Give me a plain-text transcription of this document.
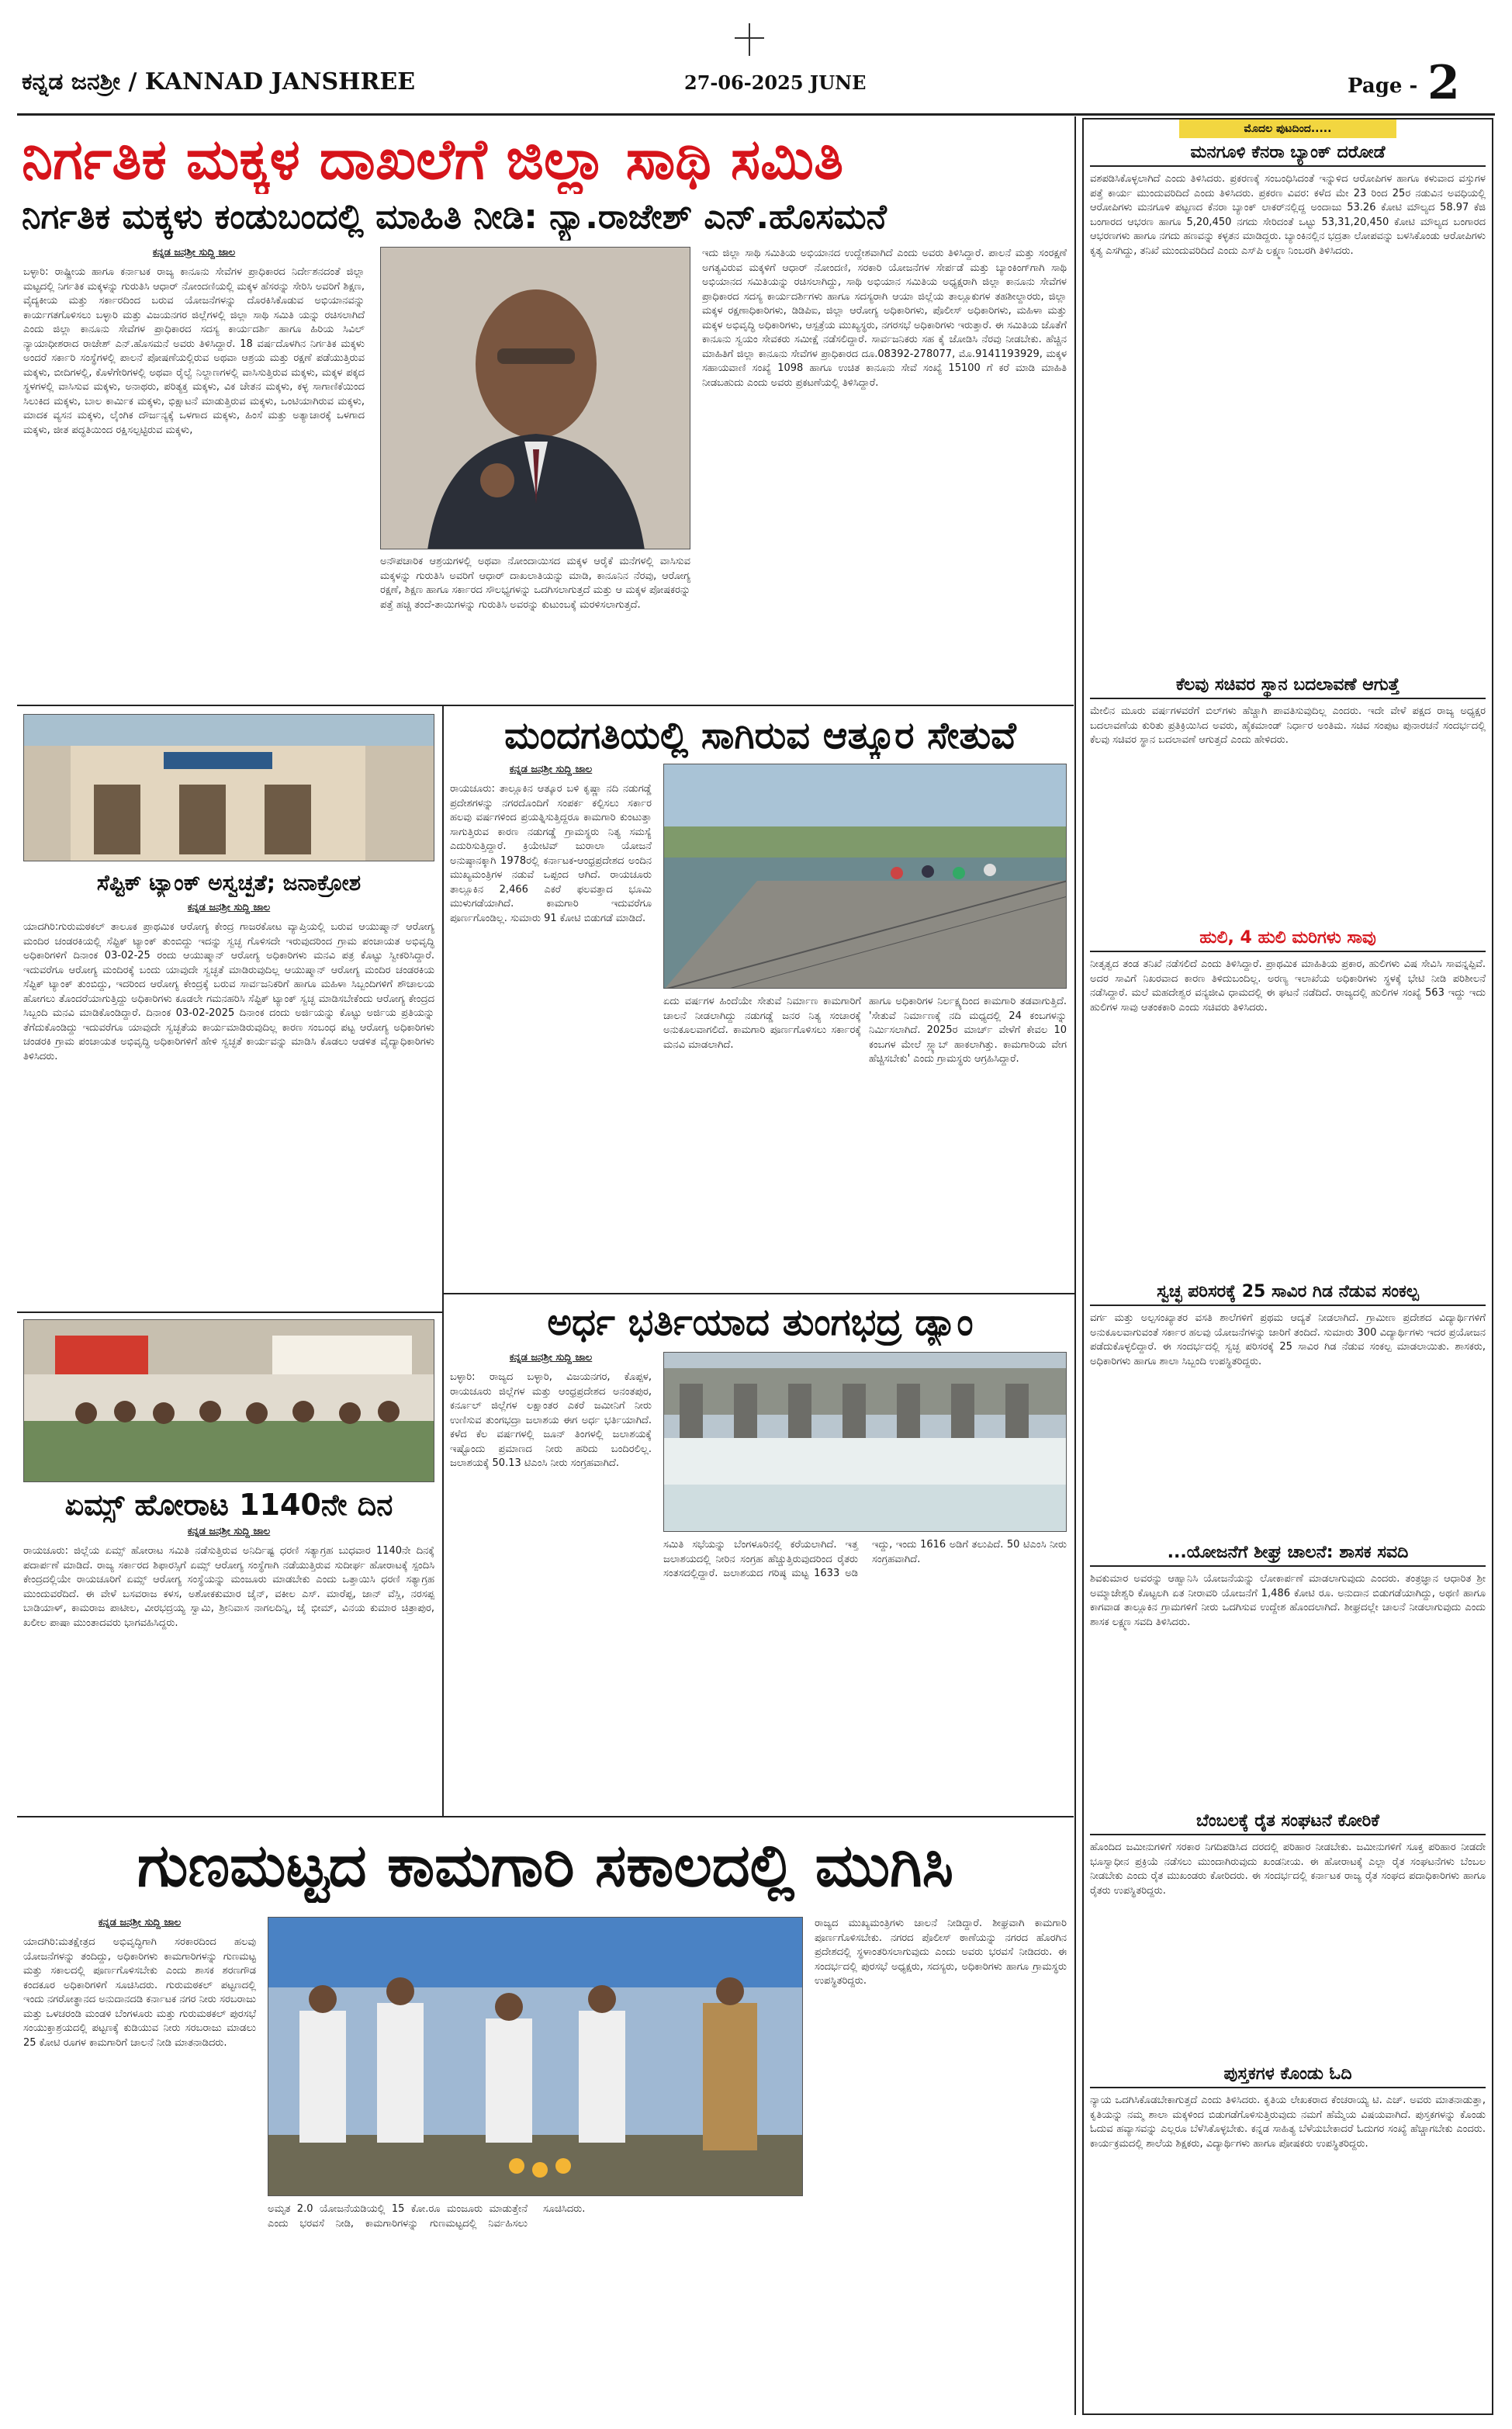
ಕನ್ನಡ ಜನಶ್ರೀ / KANNAD JANSHREE	27-06-2025 JUNE	Page - 2
ನಿರ್ಗತಿಕ ಮಕ್ಕಳ ದಾಖಲೆಗೆ ಜಿಲ್ಲಾ ಸಾಥಿ ಸಮಿತಿ
ನಿರ್ಗತಿಕ ಮಕ್ಕಳು ಕಂಡುಬಂದಲ್ಲಿ ಮಾಹಿತಿ ನೀಡಿ: ನ್ಯಾ.ರಾಜೇಶ್ ಎನ್.ಹೊಸಮನೆ
ಕನ್ನಡ ಜನಶ್ರೀ ಸುದ್ದಿ ಜಾಲ
ಬಳ್ಳಾರಿ: ರಾಷ್ಟ್ರೀಯ ಹಾಗೂ ಕರ್ನಾಟಕ ರಾಜ್ಯ ಕಾನೂನು ಸೇವೆಗಳ ಪ್ರಾಧಿಕಾರದ ನಿರ್ದೇಶನದಂತೆ ಜಿಲ್ಲಾ ಮಟ್ಟದಲ್ಲಿ ನಿರ್ಗತಿಕ ಮಕ್ಕಳನ್ನು ಗುರುತಿಸಿ ಆಧಾರ್ ನೋಂದಣಿಯಲ್ಲಿ ಮಕ್ಕಳ ಹೆಸರನ್ನು ಸೇರಿಸಿ ಅವರಿಗೆ ಶಿಕ್ಷಣ, ವೈದ್ಯಕೀಯ ಮತ್ತು ಸರ್ಕಾರದಿಂದ ಬರುವ ಯೋಜನೆಗಳನ್ನು ದೊರಕಿಸಿಕೊಡುವ ಅಭಿಯಾನವನ್ನು ಕಾರ್ಯಗತಗೊಳಿಸಲು ಬಳ್ಳಾರಿ ಮತ್ತು ವಿಜಯನಗರ ಜಿಲ್ಲೆಗಳಲ್ಲಿ ಜಿಲ್ಲಾ ಸಾಥಿ ಸಮಿತಿ ಯನ್ನು ರಚಿಸಲಾಗಿದೆ ಎಂದು ಜಿಲ್ಲಾ ಕಾನೂನು ಸೇವೆಗಳ ಪ್ರಾಧಿಕಾರದ ಸದಸ್ಯ ಕಾರ್ಯದರ್ಶಿ ಹಾಗೂ ಹಿರಿಯ ಸಿವಿಲ್ ನ್ಯಾಯಾಧೀಶರಾದ ರಾಜೇಶ್ ಎನ್.ಹೊಸಮನೆ ಅವರು ತಿಳಿಸಿದ್ದಾರೆ. 18 ವರ್ಷದೊಳಗಿನ ನಿರ್ಗತಿಕ ಮಕ್ಕಳು ಅಂದರೆ ಸರ್ಕಾರಿ ಸಂಸ್ಥೆಗಳಲ್ಲಿ ಪಾಲನೆ ಪೋಷಣೆಯಲ್ಲಿರುವ ಅಥವಾ ಆಶ್ರಯ ಮತ್ತು ರಕ್ಷಣೆ ಪಡೆಯುತ್ತಿರುವ ಮಕ್ಕಳು, ಬೀದಿಗಳಲ್ಲಿ, ಕೊಳೆಗೇರಿಗಳಲ್ಲಿ ಅಥವಾ ರೈಲ್ವೆ ನಿಲ್ದಾಣಗಳಲ್ಲಿ ವಾಸಿಸುತ್ತಿರುವ ಮಕ್ಕಳು, ಮಕ್ಕಳ ಪಕ್ಕದ ಸ್ಥಳಗಳಲ್ಲಿ ವಾಸಿಸುವ ಮಕ್ಕಳು, ಅನಾಥರು, ಪರಿತ್ಯಕ್ತ ಮಕ್ಕಳು, ವಿಕ ಚೇತನ ಮಕ್ಕಳು, ಕಳ್ಳ ಸಾಗಾಣಿಕೆಯಿಂದ ಸಿಲುಕಿದ ಮಕ್ಕಳು, ಬಾಲ ಕಾರ್ಮಿಕ ಮಕ್ಕಳು, ಭಿಕ್ಷಾಟನೆ ಮಾಡುತ್ತಿರುವ ಮಕ್ಕಳು, ಒಂಟಿಯಾಗಿರುವ ಮಕ್ಕಳು, ಮಾದಕ ವ್ಯಸನ ಮಕ್ಕಳು, ಲೈಂಗಿಕ ದೌರ್ಜನ್ಯಕ್ಕೆ ಒಳಗಾದ ಮಕ್ಕಳು, ಹಿಂಸೆ ಮತ್ತು ಅತ್ಯಾಚಾರಕ್ಕೆ ಒಳಗಾದ ಮಕ್ಕಳು, ಜೀತ ಪದ್ಧತಿಯಿಂದ ರಕ್ಷಿಸಲ್ಪಟ್ಟಿರುವ ಮಕ್ಕಳು,
ಅನೌಪಚಾರಿಕ ಆಶ್ರಯಗಳಲ್ಲಿ ಅಥವಾ ನೋಂದಾಯಿಸದ ಮಕ್ಕಳ ಆರೈಕೆ ಮನೆಗಳಲ್ಲಿ ವಾಸಿಸುವ ಮಕ್ಕಳನ್ನು ಗುರುತಿಸಿ ಅವರಿಗೆ ಆಧಾರ್ ದಾಖಲಾತಿಯನ್ನು ಮಾಡಿ, ಕಾನೂನಿನ ನೆರವು, ಆರೋಗ್ಯ ರಕ್ಷಣೆ, ಶಿಕ್ಷಣ ಹಾಗೂ ಸರ್ಕಾರದ ಸೌಲಭ್ಯಗಳನ್ನು ಒದಗಿಸಲಾಗುತ್ತದೆ ಮತ್ತು ಆ ಮಕ್ಕಳ ಪೋಷಕರನ್ನು ಪತ್ತೆ ಹಚ್ಚಿ ತಂದೆ-ತಾಯಿಗಳನ್ನು ಗುರುತಿಸಿ ಅವರನ್ನು ಕುಟುಂಬಕ್ಕೆ ಮರಳಿಸಲಾಗುತ್ತದೆ.
ಇದು ಜಿಲ್ಲಾ ಸಾಥಿ ಸಮಿತಿಯ ಅಭಿಯಾನದ ಉದ್ದೇಶವಾಗಿದೆ ಎಂದು ಅವರು ತಿಳಿಸಿದ್ದಾರೆ. ಪಾಲನೆ ಮತ್ತು ಸಂರಕ್ಷಣೆ ಅಗತ್ಯವಿರುವ ಮಕ್ಕಳಿಗೆ ಆಧಾರ್ ನೋಂದಣಿ, ಸರಕಾರಿ ಯೋಜನೆಗಳ ಸೇರ್ಪಡೆ ಮತ್ತು ಬ್ಯಾಂಕಿಂಗ್‌ಗಾಗಿ ಸಾಥಿ ಅಭಿಯಾನದ ಸಮಿತಿಯನ್ನು ರಚಿಸಲಾಗಿದ್ದು, ಸಾಥಿ ಅಭಿಯಾನ ಸಮಿತಿಯ ಅಧ್ಯಕ್ಷರಾಗಿ ಜಿಲ್ಲಾ ಕಾನೂನು ಸೇವೆಗಳ ಪ್ರಾಧಿಕಾರದ ಸದಸ್ಯ ಕಾರ್ಯದರ್ಶಿಗಳು ಹಾಗೂ ಸದಸ್ಯರಾಗಿ ಆಯಾ ಜಿಲ್ಲೆಯ ತಾಲ್ಲೂಕುಗಳ ತಹಶೀಲ್ದಾರರು, ಜಿಲ್ಲಾ ಮಕ್ಕಳ ರಕ್ಷಣಾಧಿಕಾರಿಗಳು, ಡಿಡಿಪಿಐ, ಜಿಲ್ಲಾ ಆರೋಗ್ಯ ಅಧಿಕಾರಿಗಳು, ಪೊಲೀಸ್ ಅಧಿಕಾರಿಗಳು, ಮಹಿಳಾ ಮತ್ತು ಮಕ್ಕಳ ಅಭಿವೃದ್ಧಿ ಅಧಿಕಾರಿಗಳು, ಆಸ್ಪತ್ರೆಯ ಮುಖ್ಯಸ್ಥರು, ನಗರಸಭೆ ಅಧಿಕಾರಿಗಳು ಇರುತ್ತಾರೆ. ಈ ಸಮಿತಿಯ ಜೊತೆಗೆ ಕಾನೂನು ಸ್ವಯಂ ಸೇವಕರು ಸಮೀಕ್ಷೆ ನಡೆಸಲಿದ್ದಾರೆ. ಸಾರ್ವಜನಿಕರು ಸಹ ಕೈ ಜೋಡಿಸಿ ನೆರವು ನೀಡಬೇಕು. ಹೆಚ್ಚಿನ ಮಾಹಿತಿಗೆ ಜಿಲ್ಲಾ ಕಾನೂನು ಸೇವೆಗಳ ಪ್ರಾಧಿಕಾರದ ದೂ.08392-278077, ಮೊ.9141193929, ಮಕ್ಕಳ ಸಹಾಯವಾಣಿ ಸಂಖ್ಯೆ 1098 ಹಾಗೂ ಉಚಿತ ಕಾನೂನು ಸೇವೆ ಸಂಖ್ಯೆ 15100 ಗೆ ಕರೆ ಮಾಡಿ ಮಾಹಿತಿ ನೀಡಬಹುದು ಎಂದು ಅವರು ಪ್ರಕಟಣೆಯಲ್ಲಿ ತಿಳಿಸಿದ್ದಾರೆ.
ಸೆಪ್ಟಿಕ್ ಟ್ಯಾಂಕ್ ಅಸ್ವಚ್ಛತೆ; ಜನಾಕ್ರೋಶ
ಕನ್ನಡ ಜನಶ್ರೀ ಸುದ್ದಿ ಜಾಲ
ಯಾದಗಿರಿ:ಗುರುಮಠಕಲ್ ತಾಲೂಕ ಪ್ರಾಥಮಿಕ ಆರೋಗ್ಯ ಕೇಂದ್ರ ಗಾಜರಕೋಟ ವ್ಯಾಪ್ತಿಯಲ್ಲಿ ಬರುವ ಆಯುಷ್ಮಾನ್ ಆರೋಗ್ಯ ಮಂದಿರ ಚಂಡರಕಿಯಲ್ಲಿ ಸೆಪ್ಟಿಕ್ ಟ್ಯಾಂಕ್ ತುಂಬಿದ್ದು ಇದನ್ನು ಸ್ವಚ್ಛ ಗೊಳಿಸದೇ ಇರುವುದರಿಂದ ಗ್ರಾಮ ಪಂಚಾಯತ ಅಭಿವೃದ್ಧಿ ಅಧಿಕಾರಿಗಳಿಗೆ ದಿನಾಂಕ 03-02-25 ರಂದು ಆಯುಷ್ಮಾನ್ ಆರೋಗ್ಯ ಅಧಿಕಾರಿಗಳು ಮನವಿ ಪತ್ರ ಕೊಟ್ಟು ಸ್ವೀಕರಿಸಿದ್ದಾರೆ. ಇದುವರೆಗೂ ಆರೋಗ್ಯ ಮಂದಿರಕ್ಕೆ ಬಂದು ಯಾವುದೇ ಸ್ವಚ್ಛತೆ ಮಾಡಿರುವುದಿಲ್ಲ ಆಯುಷ್ಮಾನ್ ಆರೋಗ್ಯ ಮಂದಿರ ಚಂಡರಕಿಯ ಸೆಪ್ಟಿಕ್ ಟ್ಯಾಂಕ್ ತುಂಬಿದ್ದು, ಇದರಿಂದ ಆರೋಗ್ಯ ಕೇಂದ್ರಕ್ಕೆ ಬರುವ ಸಾರ್ವಜನಿಕರಿಗೆ ಹಾಗೂ ಮಹಿಳಾ ಸಿಬ್ಬಂದಿಗಳಿಗೆ ಶೌಚಾಲಯ ಹೋಗಲು ತೊಂದರೆಯಾಗುತ್ತಿದ್ದು ಅಧಿಕಾರಿಗಳು ಕೂಡಲೇ ಗಮನಹರಿಸಿ ಸೆಪ್ಟಿಕ್ ಟ್ಯಾಂಕ್ ಸ್ವಚ್ಛ ಮಾಡಿಸಬೇಕೆಂದು ಆರೋಗ್ಯ ಕೇಂದ್ರದ ಸಿಬ್ಬಂದಿ ಮನವಿ ಮಾಡಿಕೊಂಡಿದ್ದಾರೆ. ದಿನಾಂಕ 03-02-2025 ದಿನಾಂಕ ದಂದು ಅರ್ಜಿಯನ್ನು ಕೊಟ್ಟು ಅರ್ಜಿಯ ಪ್ರತಿಯನ್ನು ತೆಗೆದುಕೊಂಡಿದ್ದು ಇದುವರೆಗೂ ಯಾವುದೇ ಸ್ವಚ್ಛತೆಯ ಕಾರ್ಯಮಾಡಿರುವುದಿಲ್ಲ ಕಾರಣ ಸಂಬಂಧ ಪಟ್ಟ ಆರೋಗ್ಯ ಅಧಿಕಾರಿಗಳು ಚಂಡರಕಿ ಗ್ರಾಮ ಪಂಚಾಯತ ಅಭಿವೃದ್ಧಿ ಅಧಿಕಾರಿಗಳಿಗೆ ಹೇಳಿ ಸ್ವಚ್ಛತೆ ಕಾರ್ಯವನ್ನು ಮಾಡಿಸಿ ಕೊಡಲು ಆಡಳಿತ ವೈದ್ಯಾಧಿಕಾರಿಗಳು ತಿಳಿಸಿದರು.
ಏಮ್ಸ್ ಹೋರಾಟ 1140ನೇ ದಿನ
ಕನ್ನಡ ಜನಶ್ರೀ ಸುದ್ದಿ ಜಾಲ
ರಾಯಚೂರು: ಜಿಲ್ಲೆಯ ಏಮ್ಸ್ ಹೋರಾಟ ಸಮಿತಿ ನಡೆಸುತ್ತಿರುವ ಅನಿರ್ದಿಷ್ಟ ಧರಣಿ ಸತ್ಯಾಗ್ರಹ ಬುಧವಾರ 1140ನೇ ದಿನಕ್ಕೆ ಪದಾರ್ಪಣೆ ಮಾಡಿದೆ. ರಾಜ್ಯ ಸರ್ಕಾರದ ಶಿಫಾರಸ್ಸಿಗೆ ಏಮ್ಸ್ ಆರೋಗ್ಯ ಸಂಸ್ಥೆಗಾಗಿ ನಡೆಯುತ್ತಿರುವ ಸುದೀರ್ಘ ಹೋರಾಟಕ್ಕೆ ಸ್ಪಂದಿಸಿ ಕೇಂದ್ರದಲ್ಲಿಯೇ ರಾಯಚೂರಿಗೆ ಏಮ್ಸ್ ಆರೋಗ್ಯ ಸಂಸ್ಥೆಯನ್ನು ಮಂಜೂರು ಮಾಡಬೇಕು ಎಂದು ಒತ್ತಾಯಿಸಿ ಧರಣಿ ಸತ್ಯಾಗ್ರಹ ಮುಂದುವರೆದಿದೆ. ಈ ವೇಳೆ ಬಸವರಾಜ ಕಳಸ, ಅಶೋಕಕುಮಾರ ಜೈನ್, ವಕೀಲ ಎಸ್. ಮಾರೆಪ್ಪ, ಜಾನ್ ವೆಸ್ಲಿ, ನರಸಪ್ಪ ಬಾಡಿಯಾಳ್, ಕಾಮರಾಜ ಪಾಟೀಲ, ವೀರಭದ್ರಯ್ಯ ಸ್ವಾಮಿ, ಶ್ರೀನಿವಾಸ ನಾಗಲದಿನ್ನಿ, ಜೈ ಭೀಮ್, ವಿನಯ ಕುಮಾರ ಚಿತ್ರಾಪುರ, ಖಲೀಲ ಪಾಷಾ ಮುಂತಾದವರು ಭಾಗವಹಿಸಿದ್ದರು.
ಮಂದಗತಿಯಲ್ಲಿ ಸಾಗಿರುವ ಆತ್ಕೂರ ಸೇತುವೆ
ಕನ್ನಡ ಜನಶ್ರೀ ಸುದ್ದಿ ಜಾಲ
ರಾಯಚೂರು: ತಾಲ್ಲೂಕಿನ ಆತ್ಕೂರ ಬಳಿ ಕೃಷ್ಣಾ ನದಿ ನಡುಗಡ್ಡೆ ಪ್ರದೇಶಗಳನ್ನು ನಗರದೊಂದಿಗೆ ಸಂಪರ್ಕ ಕಲ್ಪಿಸಲು ಸರ್ಕಾರ ಹಲವು ವರ್ಷಗಳಿಂದ ಪ್ರಯತ್ನಿಸುತ್ತಿದ್ದರೂ ಕಾಮಗಾರಿ ಕುಂಟುತ್ತಾ ಸಾಗುತ್ತಿರುವ ಕಾರಣ ನಡುಗಡ್ಡೆ ಗ್ರಾಮಸ್ಥರು ನಿತ್ಯ ಸಮಸ್ಯೆ ಎದುರಿಸುತ್ತಿದ್ದಾರೆ. ಕ್ರಿಯೇಟಿವ್ ಜುರಾಲಾ ಯೋಜನೆ ಅನುಷ್ಠಾನಕ್ಕಾಗಿ 1978ರಲ್ಲಿ ಕರ್ನಾಟಕ-ಆಂಧ್ರಪ್ರದೇಶದ ಅಂದಿನ ಮುಖ್ಯಮಂತ್ರಿಗಳ ನಡುವೆ ಒಪ್ಪಂದ ಆಗಿದೆ. ರಾಯಚೂರು ತಾಲ್ಲೂಕಿನ 2,466 ಎಕರೆ ಫಲವತ್ತಾದ ಭೂಮಿ ಮುಳುಗಡೆಯಾಗಿದೆ. ಕಾಮಗಾರಿ ಇದುವರೆಗೂ ಪೂರ್ಣಗೊಂಡಿಲ್ಲ. ಸುಮಾರು 91 ಕೋಟಿ ಬಿಡುಗಡೆ ಮಾಡಿದೆ.
ಏದು ವರ್ಷಗಳ ಹಿಂದೆಯೇ ಸೇತುವೆ ನಿರ್ಮಾಣ ಕಾಮಗಾರಿಗೆ ಚಾಲನೆ ನೀಡಲಾಗಿದ್ದು ನಡುಗಡ್ಡೆ ಜನರ ನಿತ್ಯ ಸಂಚಾರಕ್ಕೆ ಅನುಕೂಲವಾಗಲಿದೆ. ಕಾಮಗಾರಿ ಪೂರ್ಣಗೊಳಿಸಲು ಸರ್ಕಾರಕ್ಕೆ ಮನವಿ ಮಾಡಲಾಗಿದೆ.
ಹಾಗೂ ಅಧಿಕಾರಿಗಳ ನಿರ್ಲಕ್ಷ್ಯದಿಂದ ಕಾಮಗಾರಿ ತಡವಾಗುತ್ತಿದೆ. 'ಸೇತುವೆ ನಿರ್ಮಾಣಕ್ಕೆ ನದಿ ಮಧ್ಯದಲ್ಲಿ 24 ಕಂಬಗಳನ್ನು ನಿರ್ಮಿಸಲಾಗಿದೆ. 2025ರ ಮಾರ್ಚ್ ವೇಳೆಗೆ ಕೇವಲ 10 ಕಂಬಗಳ ಮೇಲೆ ಸ್ಲ್ಯಾಬ್ ಹಾಕಲಾಗಿತ್ತು. ಕಾಮಗಾರಿಯ ವೇಗ ಹೆಚ್ಚಿಸಬೇಕು' ಎಂದು ಗ್ರಾಮಸ್ಥರು ಆಗ್ರಹಿಸಿದ್ದಾರೆ.
ಅರ್ಧ ಭರ್ತಿಯಾದ ತುಂಗಭದ್ರ ಡ್ಯಾಂ
ಕನ್ನಡ ಜನಶ್ರೀ ಸುದ್ದಿ ಜಾಲ
ಬಳ್ಳಾರಿ: ರಾಜ್ಯದ ಬಳ್ಳಾರಿ, ವಿಜಯನಗರ, ಕೊಪ್ಪಳ, ರಾಯಚೂರು ಜಿಲ್ಲೆಗಳ ಮತ್ತು ಆಂಧ್ರಪ್ರದೇಶದ ಅನಂತಪುರ, ಕರ್ನೂಲ್ ಜಿಲ್ಲೆಗಳ ಲಕ್ಷಾಂತರ ಎಕರೆ ಜಮೀನಿಗೆ ನೀರು ಉಣಿಸುವ ತುಂಗಭದ್ರಾ ಜಲಾಶಯ ಈಗ ಅರ್ಧ ಭರ್ತಿಯಾಗಿದೆ. ಕಳೆದ ಕೆಲ ವರ್ಷಗಳಲ್ಲಿ ಜೂನ್ ತಿಂಗಳಲ್ಲಿ ಜಲಾಶಯಕ್ಕೆ ಇಷ್ಟೊಂದು ಪ್ರಮಾಣದ ನೀರು ಹರಿದು ಬಂದಿರಲಿಲ್ಲ. ಜಲಾಶಯಕ್ಕೆ 50.13 ಟಿಎಂಸಿ ನೀರು ಸಂಗ್ರಹವಾಗಿದೆ.
ಸಮಿತಿ ಸಭೆಯನ್ನು ಬೆಂಗಳೂರಿನಲ್ಲಿ ಕರೆಯಲಾಗಿದೆ. ಇತ್ತ ಜಲಾಶಯದಲ್ಲಿ ನೀರಿನ ಸಂಗ್ರಹ ಹೆಚ್ಚುತ್ತಿರುವುದರಿಂದ ರೈತರು ಸಂತಸದಲ್ಲಿದ್ದಾರೆ. ಜಲಾಶಯದ ಗರಿಷ್ಠ ಮಟ್ಟ 1633 ಅಡಿ ಇದ್ದು, ಇಂದು 1616 ಅಡಿಗೆ ತಲುಪಿದೆ. 50 ಟಿಎಂಸಿ ನೀರು ಸಂಗ್ರಹವಾಗಿದೆ.
ಗುಣಮಟ್ಟದ ಕಾಮಗಾರಿ ಸಕಾಲದಲ್ಲಿ ಮುಗಿಸಿ
ಕನ್ನಡ ಜನಶ್ರೀ ಸುದ್ದಿ ಜಾಲ
ಯಾದಗಿರಿ:ಮತಕ್ಷೇತ್ರದ ಅಭಿವೃದ್ಧಿಗಾಗಿ ಸರಕಾರದಿಂದ ಹಲವು ಯೋಜನೆಗಳನ್ನು ತಂದಿದ್ದು, ಅಧಿಕಾರಿಗಳು ಕಾಮಗಾರಿಗಳನ್ನು ಗುಣಮಟ್ಟ ಮತ್ತು ಸಕಾಲದಲ್ಲಿ ಪೂರ್ಣಗೊಳಿಸಬೇಕು ಎಂದು ಶಾಸಕ ಶರಣಗೌಡ ಕಂದಕೂರ ಅಧಿಕಾರಿಗಳಿಗೆ ಸೂಚಿಸಿದರು. ಗುರುಮಠಕಲ್ ಪಟ್ಟಣದಲ್ಲಿ ಇಂದು ನಗರೋತ್ಥಾನದ ಅನುದಾನದಡಿ ಕರ್ನಾಟಕ ನಗರ ನೀರು ಸರಬರಾಜು ಮತ್ತು ಒಳಚರಂಡಿ ಮಂಡಳಿ ಬೆಂಗಳೂರು ಮತ್ತು ಗುರುಮಠಕಲ್ ಪುರಸಭೆ ಸಂಯುಕ್ತಾಶ್ರಯದಲ್ಲಿ ಪಟ್ಟಣಕ್ಕೆ ಕುಡಿಯುವ ನೀರು ಸರಬರಾಜು ಮಾಡಲು 25 ಕೋಟಿ ರೂಗಳ ಕಾಮಗಾರಿಗೆ ಚಾಲನೆ ನೀಡಿ ಮಾತನಾಡಿದರು.
ಅಮೃತ 2.0 ಯೋಜನೆಯಡಿಯಲ್ಲಿ 15 ಕೋ.ರೂ ಮಂಜೂರು ಮಾಡುತ್ತೇನೆ ಎಂದು ಭರವಸೆ ನೀಡಿ, ಕಾಮಗಾರಿಗಳನ್ನು ಗುಣಮಟ್ಟದಲ್ಲಿ ನಿರ್ವಹಿಸಲು ಸೂಚಿಸಿದರು.
ರಾಜ್ಯದ ಮುಖ್ಯಮಂತ್ರಿಗಳು ಚಾಲನೆ ನೀಡಿದ್ದಾರೆ. ಶೀಘ್ರವಾಗಿ ಕಾಮಗಾರಿ ಪೂರ್ಣಗೊಳಿಸಬೇಕು. ನಗರದ ಪೊಲೀಸ್ ಠಾಣೆಯನ್ನು ನಗರದ ಹೊರಗಿನ ಪ್ರದೇಶದಲ್ಲಿ ಸ್ಥಳಾಂತರಿಸಲಾಗುವುದು ಎಂದು ಅವರು ಭರವಸೆ ನೀಡಿದರು. ಈ ಸಂದರ್ಭದಲ್ಲಿ ಪುರಸಭೆ ಅಧ್ಯಕ್ಷರು, ಸದಸ್ಯರು, ಅಧಿಕಾರಿಗಳು ಹಾಗೂ ಗ್ರಾಮಸ್ಥರು ಉಪಸ್ಥಿತರಿದ್ದರು.
ಮೊದಲ ಪುಟದಿಂದ.....
ಮನಗೂಳಿ ಕೆನರಾ ಬ್ಯಾಂಕ್ ದರೋಡೆ
ವಶಪಡಿಸಿಕೊಳ್ಳಲಾಗಿದೆ ಎಂದು ತಿಳಿಸಿದರು. ಪ್ರಕರಣಕ್ಕೆ ಸಂಬಂಧಿಸಿದಂತೆ ಇನ್ನುಳಿದ ಆರೋಪಿಗಳ ಹಾಗೂ ಕಳುವಾದ ವಸ್ತುಗಳ ಪತ್ತೆ ಕಾರ್ಯ ಮುಂದುವರಿದಿದೆ ಎಂದು ತಿಳಿಸಿದರು. ಪ್ರಕರಣ ವಿವರ: ಕಳೆದ ಮೇ 23 ರಿಂದ 25ರ ನಡುವಿನ ಅವಧಿಯಲ್ಲಿ ಆರೋಪಿಗಳು ಮನಗೂಳಿ ಪಟ್ಟಣದ ಕೆನರಾ ಬ್ಯಾಂಕ್ ಲಾಕರ್‌ನಲ್ಲಿದ್ದ ಅಂದಾಜು 53.26 ಕೋಟಿ ಮೌಲ್ಯದ 58.97 ಕೆಜಿ ಬಂಗಾರದ ಆಭರಣ ಹಾಗೂ 5,20,450 ನಗದು ಸೇರಿದಂತೆ ಒಟ್ಟು 53,31,20,450 ಕೋಟಿ ಮೌಲ್ಯದ ಬಂಗಾರದ ಆಭರಣಗಳು ಹಾಗೂ ನಗದು ಹಣವನ್ನು ಕಳ್ಳತನ ಮಾಡಿದ್ದರು. ಬ್ಯಾಂಕಿನಲ್ಲಿನ ಭದ್ರತಾ ಲೋಪವನ್ನು ಬಳಸಿಕೊಂಡು ಆರೋಪಿಗಳು ಕೃತ್ಯ ಎಸಗಿದ್ದು, ತನಿಖೆ ಮುಂದುವರಿದಿದೆ ಎಂದು ಎಸ್‌ಪಿ ಲಕ್ಷ್ಮಣ ನಿಂಬರಗಿ ತಿಳಿಸಿದರು.
ಕೆಲವು ಸಚಿವರ ಸ್ಥಾನ ಬದಲಾವಣೆ ಆಗುತ್ತೆ
ಮೇಲಿನ ಮೂರು ವರ್ಷಗಳವರೆಗೆ ಬಿಲ್‌ಗಳು ಹೆಚ್ಚಾಗಿ ಪಾವತಿಸುವುದಿಲ್ಲ ಎಂದರು. ಇದೇ ವೇಳೆ ಪಕ್ಷದ ರಾಜ್ಯ ಅಧ್ಯಕ್ಷರ ಬದಲಾವಣೆಯ ಕುರಿತು ಪ್ರತಿಕ್ರಿಯಿಸಿದ ಅವರು, ಹೈಕಮಾಂಡ್ ನಿರ್ಧಾರ ಅಂತಿಮ. ಸಚಿವ ಸಂಪುಟ ಪುನಾರಚನೆ ಸಂದರ್ಭದಲ್ಲಿ ಕೆಲವು ಸಚಿವರ ಸ್ಥಾನ ಬದಲಾವಣೆ ಆಗುತ್ತದೆ ಎಂದು ಹೇಳಿದರು.
ಹುಲಿ, 4 ಹುಲಿ ಮರಿಗಳು ಸಾವು
ನೀತೃತ್ವದ ತಂಡ ತನಿಖೆ ನಡೆಸಲಿದೆ ಎಂದು ತಿಳಿಸಿದ್ದಾರೆ. ಪ್ರಾಥಮಿಕ ಮಾಹಿತಿಯ ಪ್ರಕಾರ, ಹುಲಿಗಳು ವಿಷ ಸೇವಿಸಿ ಸಾವನ್ನಪ್ಪಿವೆ. ಅದರ ಸಾವಿಗೆ ನಿಖರವಾದ ಕಾರಣ ತಿಳಿದುಬಂದಿಲ್ಲ. ಅರಣ್ಯ ಇಲಾಖೆಯ ಅಧಿಕಾರಿಗಳು ಸ್ಥಳಕ್ಕೆ ಭೇಟಿ ನೀಡಿ ಪರಿಶೀಲನೆ ನಡೆಸಿದ್ದಾರೆ. ಮಲೆ ಮಹದೇಶ್ವರ ವನ್ಯಜೀವಿ ಧಾಮದಲ್ಲಿ ಈ ಘಟನೆ ನಡೆದಿದೆ. ರಾಜ್ಯದಲ್ಲಿ ಹುಲಿಗಳ ಸಂಖ್ಯೆ 563 ಇದ್ದು ಇದು ಹುಲಿಗಳ ಸಾವು ಆತಂಕಕಾರಿ ಎಂದು ಸಚಿವರು ತಿಳಿಸಿದರು.
ಸ್ವಚ್ಛ ಪರಿಸರಕ್ಕೆ 25 ಸಾವಿರ ಗಿಡ ನೆಡುವ ಸಂಕಲ್ಪ
ವರ್ಗ ಮತ್ತು ಅಲ್ಪಸಂಖ್ಯಾತರ ವಸತಿ ಶಾಲೆಗಳಿಗೆ ಪ್ರಥಮ ಆದ್ಯತೆ ನೀಡಲಾಗಿದೆ. ಗ್ರಾಮೀಣ ಪ್ರದೇಶದ ವಿದ್ಯಾರ್ಥಿಗಳಿಗೆ ಅನುಕೂಲವಾಗುವಂತೆ ಸರ್ಕಾರ ಹಲವು ಯೋಜನೆಗಳನ್ನು ಜಾರಿಗೆ ತಂದಿದೆ. ಸುಮಾರು 300 ವಿದ್ಯಾರ್ಥಿಗಳು ಇದರ ಪ್ರಯೋಜನ ಪಡೆದುಕೊಳ್ಳಲಿದ್ದಾರೆ. ಈ ಸಂದರ್ಭದಲ್ಲಿ ಸ್ವಚ್ಛ ಪರಿಸರಕ್ಕೆ 25 ಸಾವಿರ ಗಿಡ ನೆಡುವ ಸಂಕಲ್ಪ ಮಾಡಲಾಯಿತು. ಶಾಸಕರು, ಅಧಿಕಾರಿಗಳು ಹಾಗೂ ಶಾಲಾ ಸಿಬ್ಬಂದಿ ಉಪಸ್ಥಿತರಿದ್ದರು.
...ಯೋಜನೆಗೆ ಶೀಘ್ರ ಚಾಲನೆ: ಶಾಸಕ ಸವದಿ
ಶಿವಕುಮಾರ ಅವರನ್ನು ಆಹ್ವಾನಿಸಿ ಯೋಜನೆಯನ್ನು ಲೋಕಾರ್ಪಣೆ ಮಾಡಲಾಗುವುದು ಎಂದರು. ತಂತ್ರಜ್ಞಾನ ಆಧಾರಿತ ಶ್ರೀ ಅಮ್ಮಾಜೇಶ್ವರಿ ಕೊಟ್ಟಲಗಿ ಏತ ನೀರಾವರಿ ಯೋಜನೆಗೆ 1,486 ಕೋಟಿ ರೂ. ಅನುದಾನ ಬಿಡುಗಡೆಯಾಗಿದ್ದು, ಅಥಣಿ ಹಾಗೂ ಕಾಗವಾಡ ತಾಲ್ಲೂಕಿನ ಗ್ರಾಮಗಳಿಗೆ ನೀರು ಒದಗಿಸುವ ಉದ್ದೇಶ ಹೊಂದಲಾಗಿದೆ. ಶೀಘ್ರದಲ್ಲೇ ಚಾಲನೆ ನೀಡಲಾಗುವುದು ಎಂದು ಶಾಸಕ ಲಕ್ಷ್ಮಣ ಸವದಿ ತಿಳಿಸಿದರು.
ಬೆಂಬಲಕ್ಕೆ ರೈತ ಸಂಘಟನೆ ಕೋರಿಕೆ
ಹೊಂದಿದ ಜಮೀನುಗಳಿಗೆ ಸರಕಾರ ನಿಗದಿಪಡಿಸಿದ ದರದಲ್ಲಿ ಪರಿಹಾರ ನೀಡಬೇಕು. ಜಮೀನುಗಳಿಗೆ ಸೂಕ್ತ ಪರಿಹಾರ ನೀಡದೇ ಭೂಸ್ವಾಧೀನ ಪ್ರಕ್ರಿಯೆ ನಡೆಸಲು ಮುಂದಾಗಿರುವುದು ಖಂಡನೀಯ. ಈ ಹೋರಾಟಕ್ಕೆ ಎಲ್ಲಾ ರೈತ ಸಂಘಟನೆಗಳು ಬೆಂಬಲ ನೀಡಬೇಕು ಎಂದು ರೈತ ಮುಖಂಡರು ಕೋರಿದರು. ಈ ಸಂದರ್ಭದಲ್ಲಿ ಕರ್ನಾಟಕ ರಾಜ್ಯ ರೈತ ಸಂಘದ ಪದಾಧಿಕಾರಿಗಳು ಹಾಗೂ ರೈತರು ಉಪಸ್ಥಿತರಿದ್ದರು.
ಪುಸ್ತಕಗಳ ಕೊಂಡು ಓದಿ
ನ್ಯಾಯ ಒದಗಿಸಿಕೊಡಬೇಕಾಗುತ್ತದೆ ಎಂದು ತಿಳಿಸಿದರು. ಕೃತಿಯ ಲೇಖಕರಾದ ಕೆಂಚರಾಯ್ಯ ಟಿ. ಎಚ್. ಅವರು ಮಾತನಾಡುತ್ತಾ, ಕೃತಿಯನ್ನು ನಮ್ಮ ಶಾಲಾ ಮಕ್ಕಳಿಂದ ಬಿಡುಗಡೆಗೊಳಿಸುತ್ತಿರುವುದು ನಮಗೆ ಹೆಮ್ಮೆಯ ವಿಷಯವಾಗಿದೆ. ಪುಸ್ತಕಗಳನ್ನು ಕೊಂಡು ಓದುವ ಹವ್ಯಾಸವನ್ನು ಎಲ್ಲರೂ ಬೆಳೆಸಿಕೊಳ್ಳಬೇಕು. ಕನ್ನಡ ಸಾಹಿತ್ಯ ಬೆಳೆಯಬೇಕಾದರೆ ಓದುಗರ ಸಂಖ್ಯೆ ಹೆಚ್ಚಾಗಬೇಕು ಎಂದರು. ಕಾರ್ಯಕ್ರಮದಲ್ಲಿ ಶಾಲೆಯ ಶಿಕ್ಷಕರು, ವಿದ್ಯಾರ್ಥಿಗಳು ಹಾಗೂ ಪೋಷಕರು ಉಪಸ್ಥಿತರಿದ್ದರು.
